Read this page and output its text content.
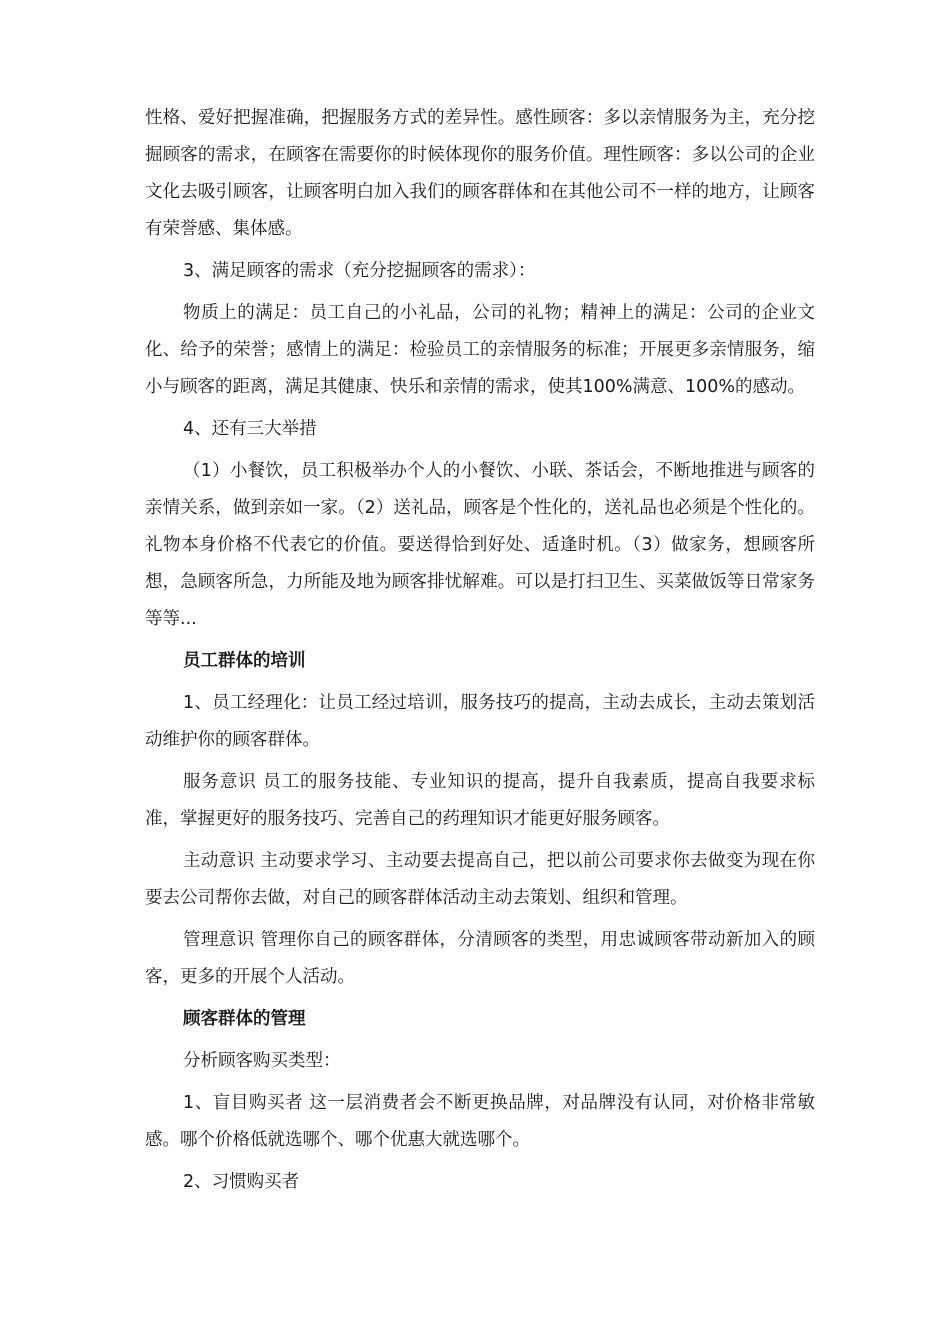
性格、爱好把握准确，把握服务方式的差异性。感性顾客：多以亲情服务为主，充分挖掘顾客的需求，在顾客在需要你的时候体现你的服务价值。理性顾客：多以公司的企业文化去吸引顾客，让顾客明白加入我们的顾客群体和在其他公司不一样的地方，让顾客有荣誉感、集体感。

3、满足顾客的需求（充分挖掘顾客的需求）：

物质上的满足：员工自己的小礼品，公司的礼物；精神上的满足：公司的企业文化、给予的荣誉；感情上的满足：检验员工的亲情服务的标准；开展更多亲情服务，缩小与顾客的距离，满足其健康、快乐和亲情的需求，使其100%满意、100%的感动。

4、还有三大举措

（1）小餐饮，员工积极举办个人的小餐饮、小联、茶话会，不断地推进与顾客的亲情关系，做到亲如一家。（2）送礼品，顾客是个性化的，送礼品也必须是个性化的。礼物本身价格不代表它的价值。要送得恰到好处、适逢时机。（3）做家务，想顾客所想，急顾客所急，力所能及地为顾客排忧解难。可以是打扫卫生、买菜做饭等日常家务等等...

员工群体的培训

1、员工经理化：让员工经过培训，服务技巧的提高，主动去成长，主动去策划活动维护你的顾客群体。

服务意识 员工的服务技能、专业知识的提高，提升自我素质，提高自我要求标准，掌握更好的服务技巧、完善自己的药理知识才能更好服务顾客。

主动意识 主动要求学习、主动要去提高自己，把以前公司要求你去做变为现在你要去公司帮你去做，对自己的顾客群体活动主动去策划、组织和管理。

管理意识 管理你自己的顾客群体，分清顾客的类型，用忠诚顾客带动新加入的顾客，更多的开展个人活动。

顾客群体的管理

分析顾客购买类型：

1、盲目购买者 这一层消费者会不断更换品牌，对品牌没有认同，对价格非常敏感。哪个价格低就选哪个、哪个优惠大就选哪个。

2、习惯购买者
